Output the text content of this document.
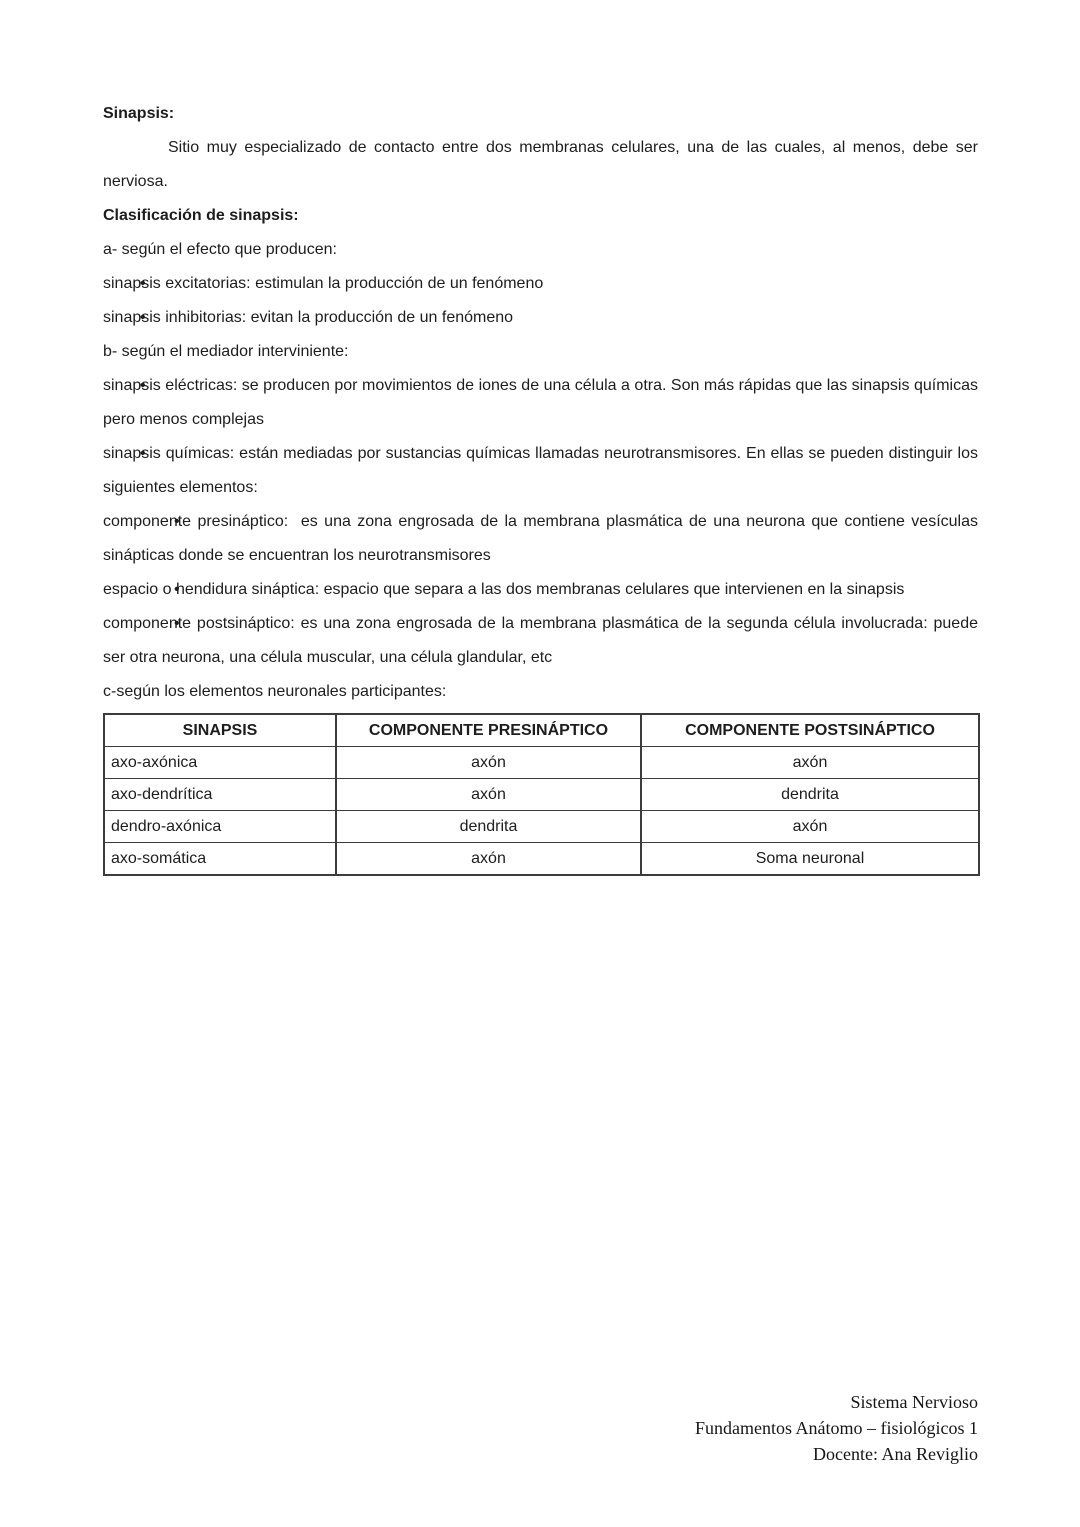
Sinapsis:

Sitio muy especializado de contacto entre dos membranas celulares, una de las cuales, al menos, debe ser nerviosa.

Clasificación de sinapsis:

a- según el efecto que producen:

• sinapsis excitatorias: estimulan la producción de un fenómeno
• sinapsis inhibitorias: evitan la producción de un fenómeno

b- según el mediador interviniente:

• sinapsis eléctricas: se producen por movimientos de iones de una célula a otra. Son más rápidas que las sinapsis químicas pero menos complejas
• sinapsis químicas: están mediadas por sustancias químicas llamadas neurotransmisores. En ellas se pueden distinguir los siguientes elementos:
• componente presináptico:  es una zona engrosada de la membrana plasmática de una neurona que contiene vesículas sinápticas donde se encuentran los neurotransmisores
• espacio o hendidura sináptica: espacio que separa a las dos membranas celulares que intervienen en la sinapsis
• componente postsináptico: es una zona engrosada de la membrana plasmática de la segunda célula involucrada: puede ser otra neurona, una célula muscular, una célula glandular, etc

c-según los elementos neuronales participantes:

SINAPSIS	COMPONENTE PRESINÁPTICO	COMPONENTE POSTSINÁPTICO
axo-axónica	axón	axón
axo-dendrítica	axón	dendrita
dendro-axónica	dendrita	axón
axo-somática	axón	Soma neuronal
Sistema Nervioso
Fundamentos Anátomo – fisiológicos 1
Docente: Ana Reviglio
